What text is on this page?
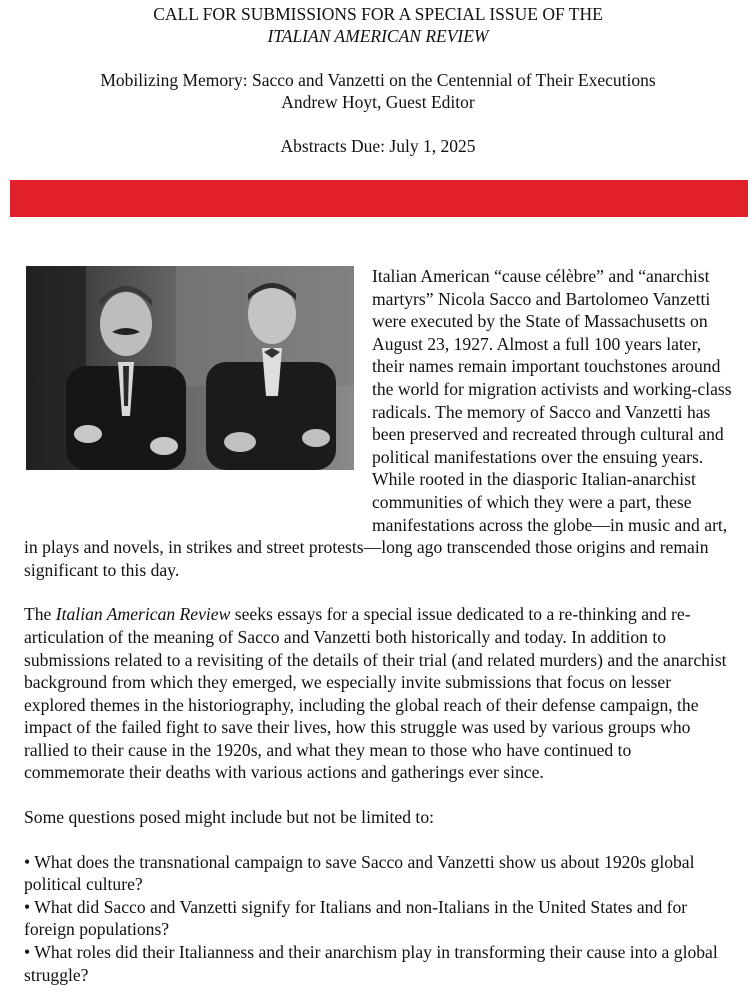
CALL FOR SUBMISSIONS FOR A SPECIAL ISSUE OF THE
ITALIAN AMERICAN REVIEW
Mobilizing Memory: Sacco and Vanzetti on the Centennial of Their Executions
Andrew Hoyt, Guest Editor
Abstracts Due: July 1, 2025

Italian American “cause célèbre” and “anarchist martyrs” Nicola Sacco and Bartolomeo Vanzetti were executed by the State of Massachusetts on August 23, 1927. Almost a full 100 years later, their names remain important touchstones around the world for migration activists and working-class radicals. The memory of Sacco and Vanzetti has been preserved and recreated through cultural and political manifestations over the ensuing years. While rooted in the diasporic Italian-anarchist communities of which they were a part, these manifestations across the globe—in music and art, in plays and novels, in strikes and street protests—long ago transcended those origins and remain significant to this day.

The Italian American Review seeks essays for a special issue dedicated to a re-thinking and re-articulation of the meaning of Sacco and Vanzetti both historically and today. In addition to submissions related to a revisiting of the details of their trial (and related murders) and the anarchist background from which they emerged, we especially invite submissions that focus on lesser explored themes in the historiography, including the global reach of their defense campaign, the impact of the failed fight to save their lives, how this struggle was used by various groups who rallied to their cause in the 1920s, and what they mean to those who have continued to commemorate their deaths with various actions and gatherings ever since.

Some questions posed might include but not be limited to:

• What does the transnational campaign to save Sacco and Vanzetti show us about 1920s global political culture?
• What did Sacco and Vanzetti signify for Italians and non-Italians in the United States and for foreign populations?
• What roles did their Italianness and their anarchism play in transforming their cause into a global struggle?
